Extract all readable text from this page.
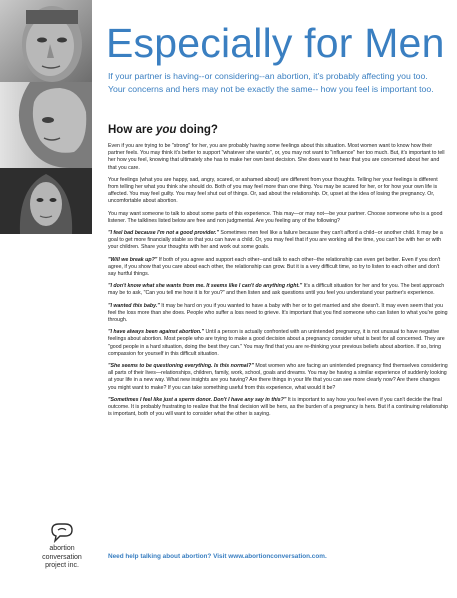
Especially for Men

If your partner is having--or considering--an abortion, it's probably affecting you too. Your concerns and hers may not be exactly the same-- how you feel is important too.

How are you doing?

Even if you are trying to be "strong" for her, you are probably having some feelings about this situation. Most women want to know how their partner feels. You may think it's better to support "whatever she wants", or, you may not want to "influence" her too much. But, it's important to tell her how you feel, knowing that ultimately she has to make her own best decision. She does want to hear that you are concerned about her and that you care.

Your feelings (what you are happy, sad, angry, scared, or ashamed about) are different from your thoughts. Telling her your feelings is different from telling her what you think she should do. Both of you may feel more than one thing. You may be scared for her, or for how your own life is affected. You may feel guilty. You may feel shut out of things. Or, sad about the relationship. Or, upset at the idea of losing the pregnancy. Or, uncomfortable about abortion.

You may want someone to talk to about some parts of this experience. This may—or may not—be your partner. Choose someone who is a good listener. The talklines listed below are free and non judgmental. Are you feeling any of the following?

"I feel bad because I'm not a good provider." Sometimes men feel like a failure because they can't afford a child--or another child. It may be a goal to get more financially stable so that you can have a child. Or, you may feel that if you are working all the time, you can't be with her or with your children. Share your thoughts with her and work out some goals.

"Will we break up?" If both of you agree and support each other--and talk to each other--the relationship can even get better. Even if you don't agree, if you show that you care about each other, the relationship can grow. But it is a very difficult time, so try to listen to each other and don't say hurtful things.

"I don't know what she wants from me. It seems like I can't do anything right." It's a difficult situation for her and for you. The best approach may be to ask, "Can you tell me how it is for you?" and then listen and ask questions until you feel you understand your partner's experience.

"I wanted this baby." It may be hard on you if you wanted to have a baby with her or to get married and she doesn't. It may even seem that you feel the loss more than she does. People who suffer a loss need to grieve. It's important that you find someone who can listen to what you're going through.

"I have always been against abortion." Until a person is actually confronted with an unintended pregnancy, it is not unusual to have negative feelings about abortion. Most people who are trying to make a good decision about a pregnancy consider what is best for all concerned. They are "good people in a hard situation, doing the best they can." You may find that you are re-thinking your previous beliefs about abortion. If so, bring compassion for yourself in this difficult situation.

"She seems to be questioning everything. Is this normal?" Most women who are facing an unintended pregnancy find themselves considering all parts of their lives—relationships, children, family, work, school, goals and dreams. You may be having a similar experience of suddenly looking at your life in a new way. What new insights are you having? Are there things in your life that you can see more clearly now? Are there changes you might want to make? If you can take something useful from this experience, what would it be?

"Sometimes I feel like just a sperm donor. Don't I have any say in this?" It is important to say how you feel even if you can't decide the final outcome. It is probably frustrating to realize that the final decision will be hers, as the burden of a pregnancy is hers. But if a continuing relationship is important, both of you will want to consider what the other is saying.

abortion
conversation
project inc.

Need help talking about abortion? Visit www.abortionconversation.com.
